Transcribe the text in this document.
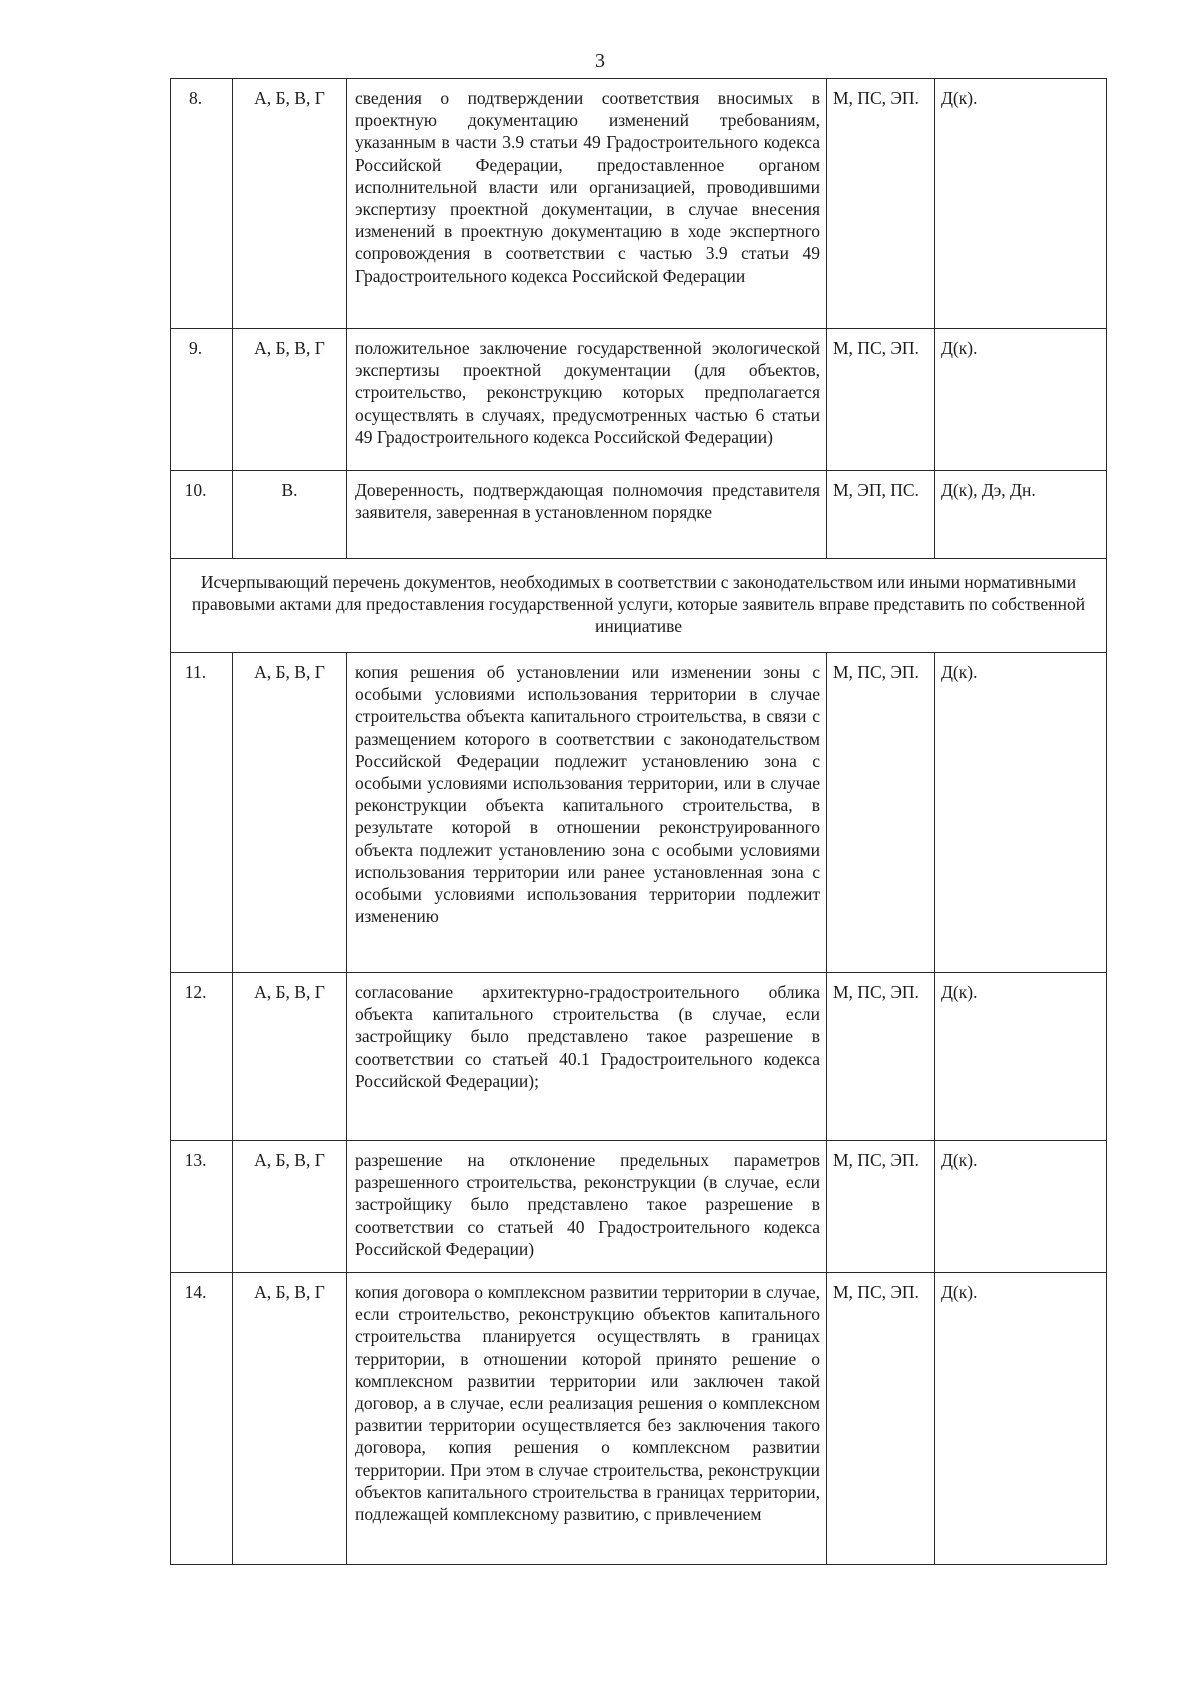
3
8.	А, Б, В, Г	сведения о подтверждении соответствия вносимых в проектную документацию изменений требованиям, указанным в части 3.9 статьи 49 Градостроительного кодекса Российской Федерации, предоставленное органом исполнительной власти или организацией, проводившими экспертизу проектной документации, в случае внесения изменений в проектную документацию в ходе экспертного сопровождения в соответствии с частью 3.9 статьи 49 Градостроительного кодекса Российской Федерации	М, ПС, ЭП.	Д(к).
9.	А, Б, В, Г	положительное заключение государственной экологической экспертизы проектной документации (для объектов, строительство, реконструкцию которых предполагается осуществлять в случаях, предусмотренных частью 6 статьи 49 Градостроительного кодекса Российской Федерации)	М, ПС, ЭП.	Д(к).
10.	В.	Доверенность, подтверждающая полномочия представителя заявителя, заверенная в установленном порядке	М, ЭП, ПС.	Д(к), Дэ, Дн.
Исчерпывающий перечень документов, необходимых в соответствии с законодательством или иными нормативными правовыми актами для предоставления государственной услуги, которые заявитель вправе представить по собственной инициативе				
11.	А, Б, В, Г	копия решения об установлении или изменении зоны с особыми условиями использования территории в случае строительства объекта капитального строительства, в связи с размещением которого в соответствии с законодательством Российской Федерации подлежит установлению зона с особыми условиями использования территории, или в случае реконструкции объекта капитального строительства, в результате которой в отношении реконструированного объекта подлежит установлению зона с особыми условиями использования территории или ранее установленная зона с особыми условиями использования территории подлежит изменению	М, ПС, ЭП.	Д(к).
12.	А, Б, В, Г	согласование архитектурно-градостроительного облика объекта капитального строительства (в случае, если застройщику было представлено такое разрешение в соответствии со статьей 40.1 Градостроительного кодекса Российской Федерации);	М, ПС, ЭП.	Д(к).
13.	А, Б, В, Г	разрешение на отклонение предельных параметров разрешенного строительства, реконструкции (в случае, если застройщику было представлено такое разрешение в соответствии со статьей 40 Градостроительного кодекса Российской Федерации)	М, ПС, ЭП.	Д(к).
14.	А, Б, В, Г	копия договора о комплексном развитии территории в случае, если строительство, реконструкцию объектов капитального строительства планируется осуществлять в границах территории, в отношении которой принято решение о комплексном развитии территории или заключен такой договор, а в случае, если реализация решения о комплексном развитии территории осуществляется без заключения такого договора, копия решения о комплексном развитии территории. При этом в случае строительства, реконструкции объектов капитального строительства в границах территории, подлежащей комплексному развитию, с привлечением	М, ПС, ЭП.	Д(к).
